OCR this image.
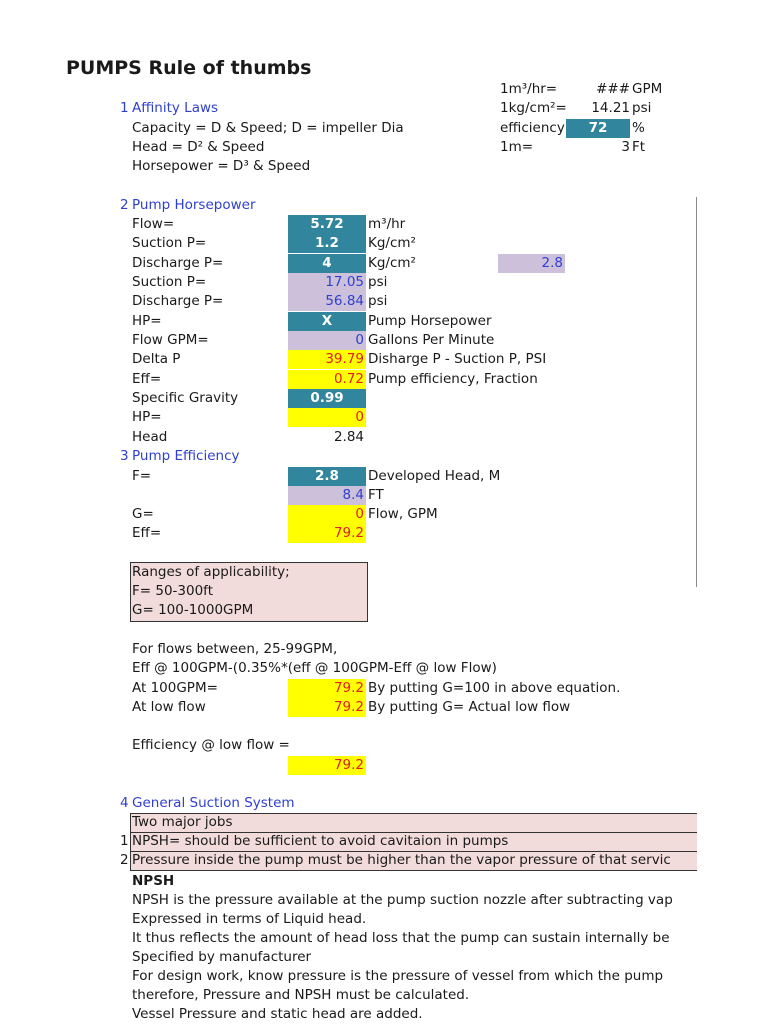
PUMPS Rule of thumbs
1m³/hr=	### GPM
1kg/cm²=	14.21 psi
efficiency	72	%
1m=	3 Ft
1 Affinity Laws
Capacity = D & Speed; D = impeller Dia
Head = D² & Speed
Horsepower = D³ & Speed
2 Pump Horsepower
Flow=	5.72	m³/hr
Suction P=	1.2	Kg/cm²
Discharge P=	4	Kg/cm²	2.8
Suction P=	17.05 psi
Discharge P=	56.84 psi
HP=	X	Pump Horsepower
Flow GPM=	0 Gallons Per Minute
Delta P	39.79 Disharge P - Suction P, PSI
Eff=	0.72 Pump efficiency, Fraction
Specific Gravity	0.99
HP=	0
Head	2.84
3 Pump Efficiency
F=	2.8	Developed Head, M
8.4 FT
G=	0 Flow, GPM
Eff=	79.2
Ranges of applicability;
F= 50-300ft
G= 100-1000GPM
For flows between, 25-99GPM,
Eff @ 100GPM-(0.35%*(eff @ 100GPM-Eff @ low Flow)
At 100GPM=	79.2 By putting G=100 in above equation.
At low flow	79.2 By putting G= Actual low flow
Efficiency @ low flow =
79.2
4 General Suction System
Two major jobs
1 NPSH= should be sufficient to avoid cavitaion in pumps
2 Pressure inside the pump must be higher than the vapor pressure of that servic
NPSH
NPSH is the pressure available at the pump suction nozzle after subtracting vap
Expressed in terms of Liquid head.
It thus reflects the amount of head loss that the pump can sustain internally be
Specified by manufacturer
For design work, know pressure is the pressure of vessel from which the pump
therefore, Pressure and NPSH must be calculated.
Vessel Pressure and static head are added.
